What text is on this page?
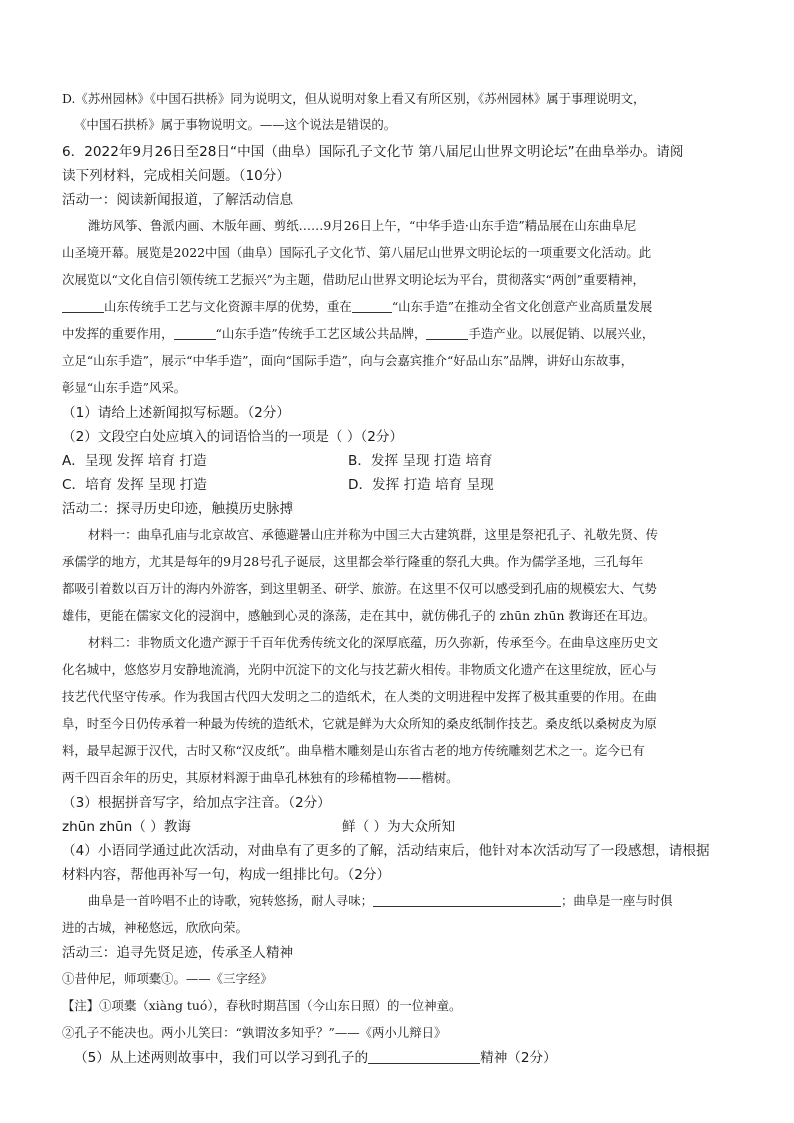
D.《苏州园林》《中国石拱桥》同为说明文，但从说明对象上看又有所区别，《苏州园林》属于事理说明文，

《中国石拱桥》属于事物说明文。——这个说法是错误的。

6．2022年9月26日至28日“中国（曲阜）国际孔子文化节 第八届尼山世界文明论坛”在曲阜举办。请阅

读下列材料，完成相关问题。（10分）

活动一：阅读新闻报道，了解活动信息

潍坊风筝、鲁派内画、木版年画、剪纸……9月26日上午，“中华手造·山东手造”精品展在山东曲阜尼

山圣境开幕。展览是2022中国（曲阜）国际孔子文化节、第八届尼山世界文明论坛的一项重要文化活动。此

次展览以“文化自信引领传统工艺振兴”为主题，借助尼山世界文明论坛为平台，贯彻落实“两创”重要精神，

山东传统手工艺与文化资源丰厚的优势，重在	“山东手造”在推动全省文化创意产业高质量发展

中发挥的重要作用，	“山东手造”传统手工艺区域公共品牌，	手造产业。以展促销、以展兴业，

立足“山东手造”，展示“中华手造”，面向“国际手造”，向与会嘉宾推介“好品山东”品牌，讲好山东故事，

彰显“山东手造”风采。

（1）请给上述新闻拟写标题。（2分）

（2）文段空白处应填入的词语恰当的一项是（ ）（2分）

A．呈现 发挥 培育 打造	B．发挥 呈现 打造 培育

C．培育 发挥 呈现 打造	D．发挥 打造 培育 呈现

活动二：探寻历史印迹，触摸历史脉搏

材料一：曲阜孔庙与北京故宫、承德避暑山庄并称为中国三大古建筑群，这里是祭祀孔子、礼敬先贤、传

承儒学的地方，尤其是每年的9月28号孔子诞辰，这里都会举行隆重的祭孔大典。作为儒学圣地，三孔每年

都吸引着数以百万计的海内外游客，到这里朝圣、研学、旅游。在这里不仅可以感受到孔庙的规模宏大、气势

雄伟，更能在儒家文化的浸润中，感触到心灵的涤荡，走在其中，就仿佛孔子的 zhūn zhūn 教诲还在耳边。

材料二：非物质文化遗产源于千百年优秀传统文化的深厚底蕴，历久弥新，传承至今。在曲阜这座历史文

化名城中，悠悠岁月安静地流淌，光阴中沉淀下的文化与技艺薪火相传。非物质文化遗产在这里绽放，匠心与

技艺代代坚守传承。作为我国古代四大发明之二的造纸术，在人类的文明进程中发挥了极其重要的作用。在曲

阜，时至今日仍传承着一种最为传统的造纸术，它就是鲜为大众所知的桑皮纸制作技艺。桑皮纸以桑树皮为原

料，最早起源于汉代，古时又称“汉皮纸”。曲阜楷木雕刻是山东省古老的地方传统雕刻艺术之一。迄今已有

两千四百余年的历史，其原材料源于曲阜孔林独有的珍稀植物——楷树。

（3）根据拼音写字，给加点字注音。（2分）

zhūn zhūn（ ）教诲	鲜（ ）为大众所知

（4）小语同学通过此次活动，对曲阜有了更多的了解，活动结束后，他针对本次活动写了一段感想，请根据

材料内容，帮他再补写一句，构成一组排比句。（2分）

曲阜是一首吟唱不止的诗歌，宛转悠扬，耐人寻味；	；曲阜是一座与时俱

进的古城，神秘悠远，欣欣向荣。

活动三：追寻先贤足迹，传承圣人精神

①昔仲尼，师项橐①。——《三字经》

【注】①项橐（xiàng tuó），春秋时期莒国（今山东日照）的一位神童。

②孔子不能决也。两小儿笑曰：“孰谓汝多知乎？”——《两小儿辩日》

（5）从上述两则故事中，我们可以学习到孔子的	精神（2分）
